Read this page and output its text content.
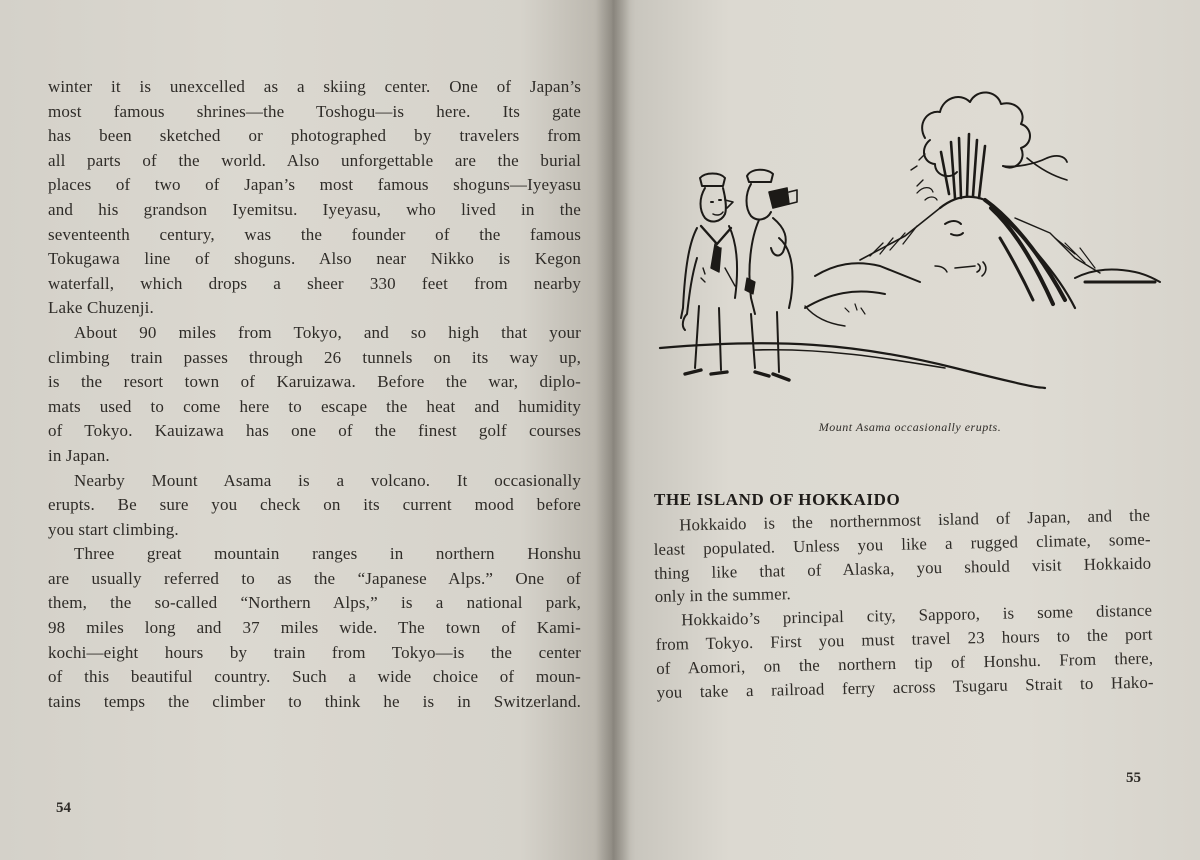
winter it is unexcelled as a skiing center. One of Japan’s

most famous shrines—the Toshogu—is here. Its gate

has been sketched or photographed by travelers from

all parts of the world. Also unforgettable are the burial

places of two of Japan’s most famous shoguns—Iyeyasu

and his grandson Iyemitsu. Iyeyasu, who lived in the

seventeenth century, was the founder of the famous

Tokugawa line of shoguns. Also near Nikko is Kegon

waterfall, which drops a sheer 330 feet from nearby

Lake Chuzenji.

About 90 miles from Tokyo, and so high that your

climbing train passes through 26 tunnels on its way up,

is the resort town of Karuizawa. Before the war, diplo-

mats used to come here to escape the heat and humidity

of Tokyo. Kauizawa has one of the finest golf courses

in Japan.

Nearby Mount Asama is a volcano. It occasionally

erupts. Be sure you check on its current mood before

you start climbing.

Three great mountain ranges in northern Honshu

are usually referred to as the “Japanese Alps.” One of

them, the so-called “Northern Alps,” is a national park,

98 miles long and 37 miles wide. The town of Kami-

kochi—eight hours by train from Tokyo—is the center

of this beautiful country. Such a wide choice of moun-

tains temps the climber to think he is in Switzerland.

54

Mount Asama occasionally erupts.

THE ISLAND OF HOKKAIDO

Hokkaido is the northernmost island of Japan, and the

least populated. Unless you like a rugged climate, some-

thing like that of Alaska, you should visit Hokkaido

only in the summer.

Hokkaido’s principal city, Sapporo, is some distance

from Tokyo. First you must travel 23 hours to the port

of Aomori, on the northern tip of Honshu. From there,

you take a railroad ferry across Tsugaru Strait to Hako-

55
